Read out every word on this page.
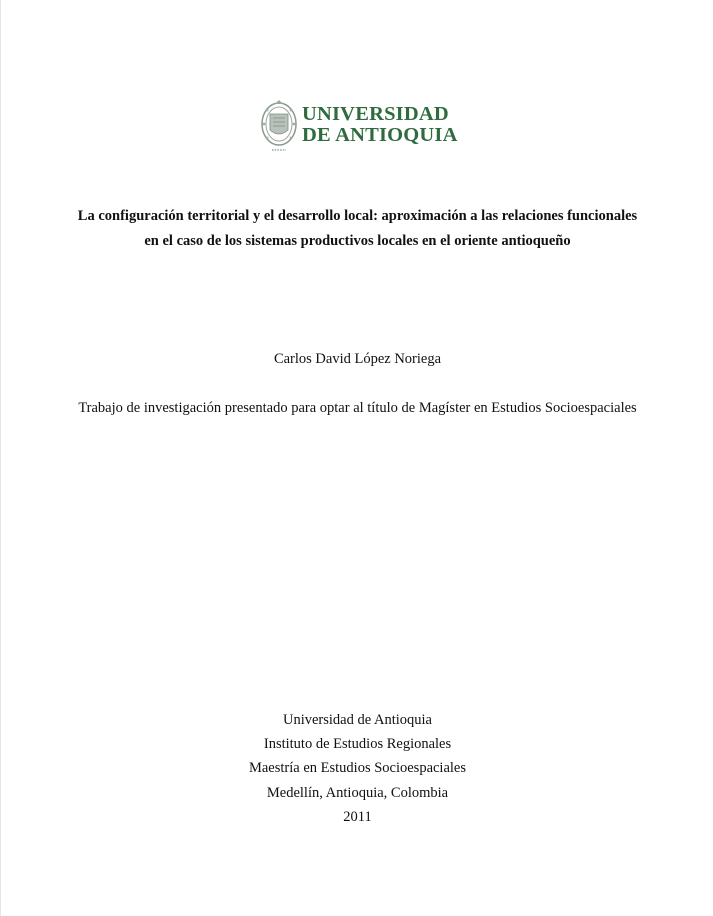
UNIVERSIDAD
DE ANTIOQUIA
La configuración territorial y el desarrollo local: aproximación a las relaciones funcionales
en el caso de los sistemas productivos locales en el oriente antioqueño
Carlos David López Noriega
Trabajo de investigación presentado para optar al título de Magíster en Estudios Socioespaciales
Universidad de Antioquia
Instituto de Estudios Regionales
Maestría en Estudios Socioespaciales
Medellín, Antioquia, Colombia
2011
